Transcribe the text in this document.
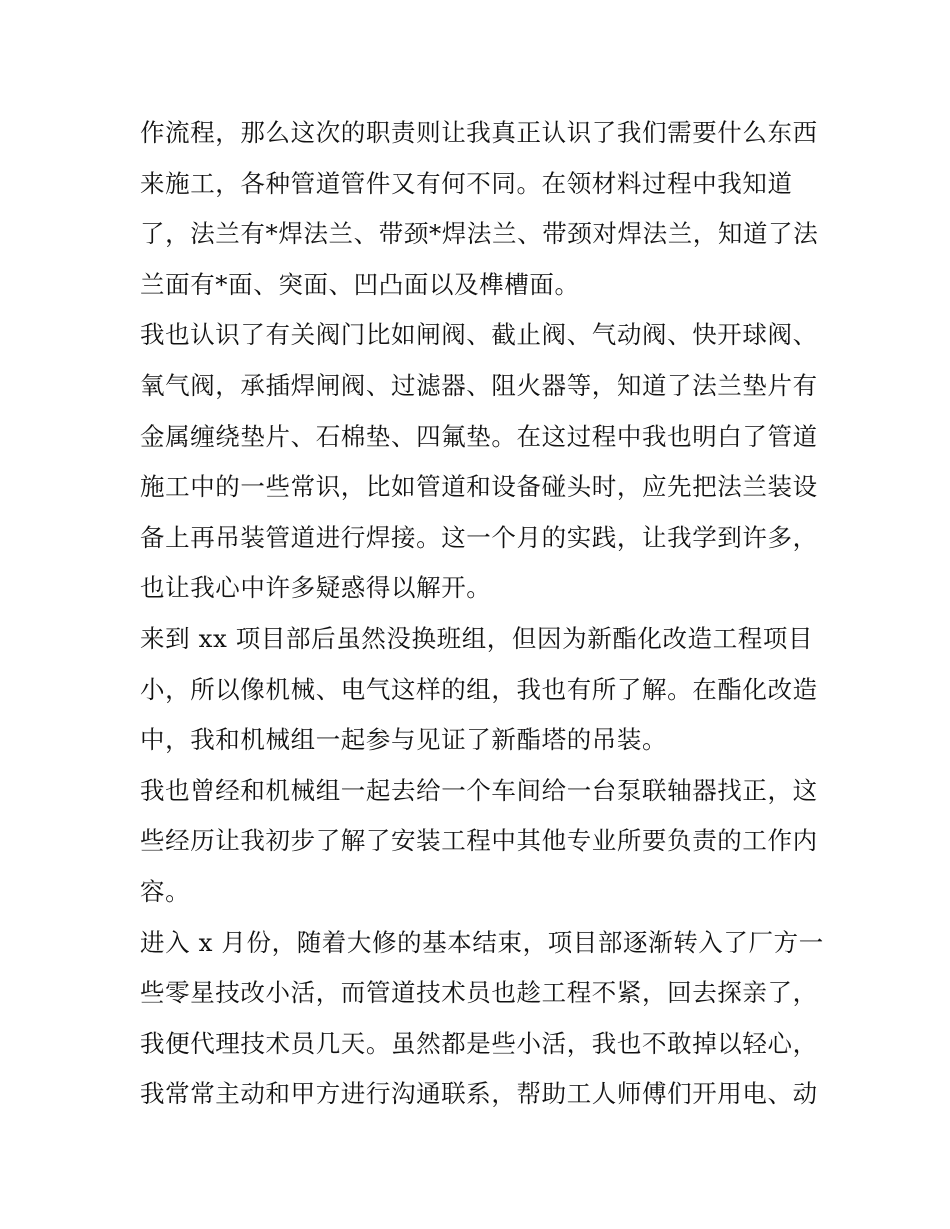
作流程，那么这次的职责则让我真正认识了我们需要什么东西
来施工，各种管道管件又有何不同。在领材料过程中我知道
了，法兰有*焊法兰、带颈*焊法兰、带颈对焊法兰，知道了法
兰面有*面、突面、凹凸面以及榫槽面。
我也认识了有关阀门比如闸阀、截止阀、气动阀、快开球阀、
氧气阀，承插焊闸阀、过滤器、阻火器等，知道了法兰垫片有
金属缠绕垫片、石棉垫、四氟垫。在这过程中我也明白了管道
施工中的一些常识，比如管道和设备碰头时，应先把法兰装设
备上再吊装管道进行焊接。这一个月的实践，让我学到许多，
也让我心中许多疑惑得以解开。
来到 xx 项目部后虽然没换班组，但因为新酯化改造工程项目
小，所以像机械、电气这样的组，我也有所了解。在酯化改造
中，我和机械组一起参与见证了新酯塔的吊装。
我也曾经和机械组一起去给一个车间给一台泵联轴器找正，这
些经历让我初步了解了安装工程中其他专业所要负责的工作内
容。
进入 x 月份，随着大修的基本结束，项目部逐渐转入了厂方一
些零星技改小活，而管道技术员也趁工程不紧，回去探亲了，
我便代理技术员几天。虽然都是些小活，我也不敢掉以轻心，
我常常主动和甲方进行沟通联系，帮助工人师傅们开用电、动
